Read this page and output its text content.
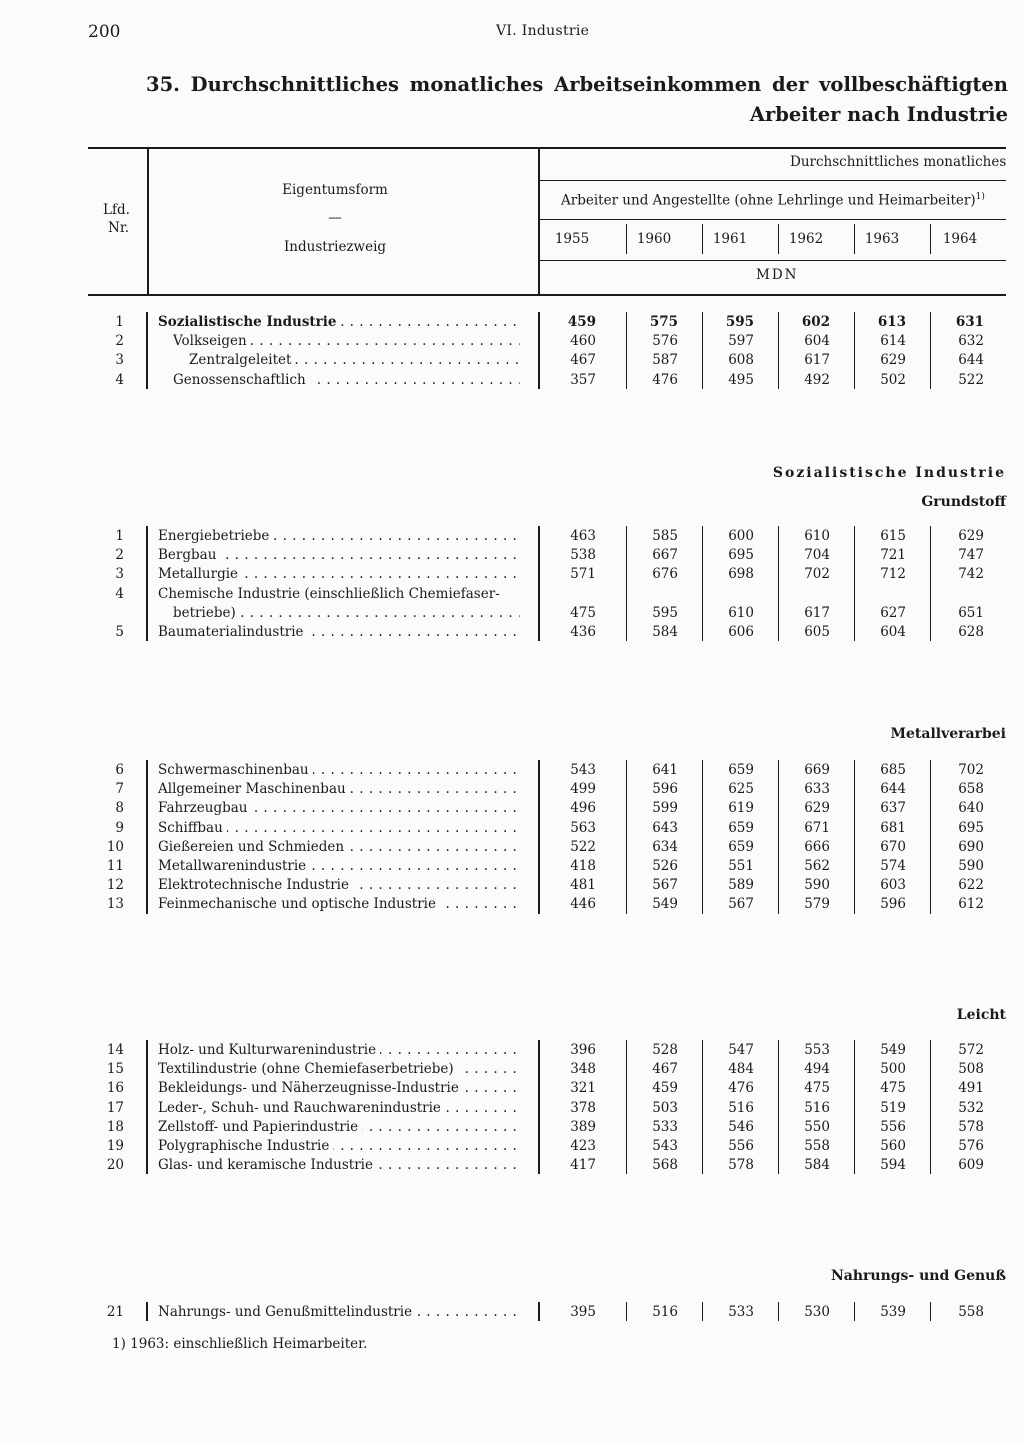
200	VI. Industrie
35. Durchschnittliches monatliches Arbeitseinkommen der vollbeschäftigten Arbeiter nach Industrie
Lfd.
Nr.
Eigentumsform
—
Industriezweig
Durchschnittliches monatliches
Arbeiter und Angestellte (ohne Lehrlinge und Heimarbeiter)$^{1)}$
1955	1960	1961	1962	1963	1964
MDN
Sozialistische Industrie
Grundstoff
Metallverarbei
Leicht
Nahrungs- und Genuß
1	Sozialistische Industrie . . .	459	575	595	602	613	631
2	Volkseigen . . .	460	576	597	604	614	632
3	Zentralgeleitet . . .	467	587	608	617	629	644
4	Genossenschaftlich . . .	357	476	495	492	502	522
1	Energiebetriebe . . .	463	585	600	610	615	629
2	Bergbau . . .	538	667	695	704	721	747
3	Metallurgie . . .	571	676	698	702	712	742
4	Chemische Industrie (einschließlich Chemiefaser-
betriebe) . . .	475	595	610	617	627	651
5	Baumaterialindustrie . . .	436	584	606	605	604	628
6	Schwermaschinenbau . . .	543	641	659	669	685	702
7	Allgemeiner Maschinenbau . . .	499	596	625	633	644	658
8	Fahrzeugbau . . .	496	599	619	629	637	640
9	Schiffbau . . .	563	643	659	671	681	695
10	Gießereien und Schmieden . . .	522	634	659	666	670	690
11	Metallwarenindustrie . . .	418	526	551	562	574	590
12	Elektrotechnische Industrie . . .	481	567	589	590	603	622
13	Feinmechanische und optische Industrie . . .	446	549	567	579	596	612
14	Holz- und Kulturwarenindustrie . . .	396	528	547	553	549	572
15	Textilindustrie (ohne Chemiefaserbetriebe) . . .	348	467	484	494	500	508
16	Bekleidungs- und Näherzeugnisse-Industrie . . .	321	459	476	475	475	491
17	Leder-, Schuh- und Rauchwarenindustrie . . .	378	503	516	516	519	532
18	Zellstoff- und Papierindustrie . . .	389	533	546	550	556	578
19	Polygraphische Industrie . . .	423	543	556	558	560	576
20	Glas- und keramische Industrie . . .	417	568	578	584	594	609
21	Nahrungs- und Genußmittelindustrie . . .	395	516	533	530	539	558
1) 1963: einschließlich Heimarbeiter.
